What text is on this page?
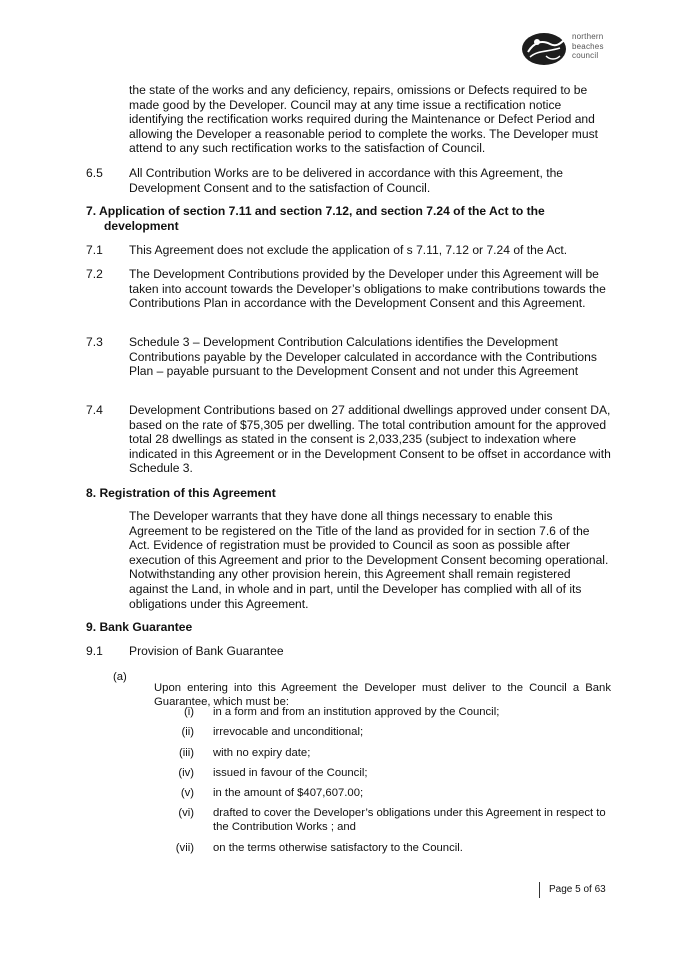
northern
beaches
council

the state of the works and any deficiency, repairs, omissions or Defects required to be made good by the Developer. Council may at any time issue a rectification notice identifying the rectification works required during the Maintenance or Defect Period and allowing the Developer a reasonable period to complete the works. The Developer must attend to any such rectification works to the satisfaction of Council.

6.5 All Contribution Works are to be delivered in accordance with this Agreement, the Development Consent and to the satisfaction of Council.

7. Application of section 7.11 and section 7.12, and section 7.24 of the Act to the
development
7.1 This Agreement does not exclude the application of s 7.11, 7.12 or 7.24 of the Act.

7.2 The Development Contributions provided by the Developer under this Agreement will be taken into account towards the Developer’s obligations to make contributions towards the Contributions Plan in accordance with the Development Consent and this Agreement.

7.3 Schedule 3 – Development Contribution Calculations identifies the Development Contributions payable by the Developer calculated in accordance with the Contributions Plan – payable pursuant to the Development Consent and not under this Agreement

7.4 Development Contributions based on 27 additional dwellings approved under consent DA, based on the rate of $75,305 per dwelling. The total contribution amount for the approved total 28 dwellings as stated in the consent is 2,033,235 (subject to indexation where indicated in this Agreement or in the Development Consent to be offset in accordance with Schedule 3.

8. Registration of this Agreement

The Developer warrants that they have done all things necessary to enable this Agreement to be registered on the Title of the land as provided for in section 7.6 of the Act. Evidence of registration must be provided to Council as soon as possible after execution of this Agreement and prior to the Development Consent becoming operational. Notwithstanding any other provision herein, this Agreement shall remain registered against the Land, in whole and in part, until the Developer has complied with all of its obligations under this Agreement.

9. Bank Guarantee
9.1 Provision of Bank Guarantee
(a)

Upon entering into this Agreement the Developer must deliver to the Council a Bank Guarantee, which must be:

(i) in a form and from an institution approved by the Council;
(ii) irrevocable and unconditional;
(iii) with no expiry date;
(iv) issued in favour of the Council;
(v) in the amount of $407,607.00;
(vi) drafted to cover the Developer’s obligations under this Agreement in respect to the Contribution Works ; and
(vii) on the terms otherwise satisfactory to the Council.
Page 5 of 63
